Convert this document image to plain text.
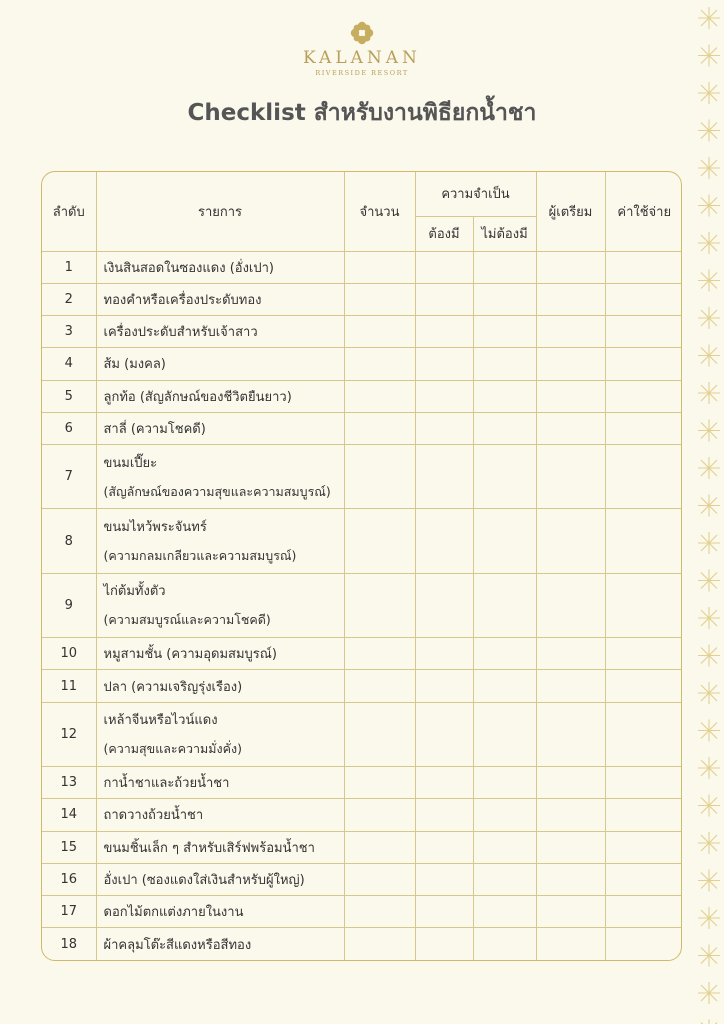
KALANAN
RIVERSIDE RESORT
Checklist สำหรับงานพิธียกน้ำชา
ลำดับ	รายการ	จำนวน	ความจำเป็น		ผู้เตรียม	ค่าใช้จ่าย
			ต้องมี	ไม่ต้องมี		
1	เงินสินสอดในซองแดง (อั่งเปา)					

2	ทองคำหรือเครื่องประดับทอง					

3	เครื่องประดับสำหรับเจ้าสาว					

4	ส้ม (มงคล)					

5	ลูกท้อ (สัญลักษณ์ของชีวิตยืนยาว)					

6	สาลี่ (ความโชคดี)					

7	ขนมเปี๊ยะ
(สัญลักษณ์ของความสุขและความสมบูรณ์)					

8	ขนมไหว้พระจันทร์
(ความกลมเกลียวและความสมบูรณ์)					

9	ไก่ต้มทั้งตัว
(ความสมบูรณ์และความโชคดี)					

10	หมูสามชั้น (ความอุดมสมบูรณ์)					

11	ปลา (ความเจริญรุ่งเรือง)					

12	เหล้าจีนหรือไวน์แดง
(ความสุขและความมั่งคั่ง)					

13	กาน้ำชาและถ้วยน้ำชา					

14	ถาดวางถ้วยน้ำชา					

15	ขนมชิ้นเล็ก ๆ สำหรับเสิร์ฟพร้อมน้ำชา					

16	อั่งเปา (ซองแดงใส่เงินสำหรับผู้ใหญ่)					

17	ดอกไม้ตกแต่งภายในงาน					

18	ผ้าคลุมโต๊ะสีแดงหรือสีทอง					
